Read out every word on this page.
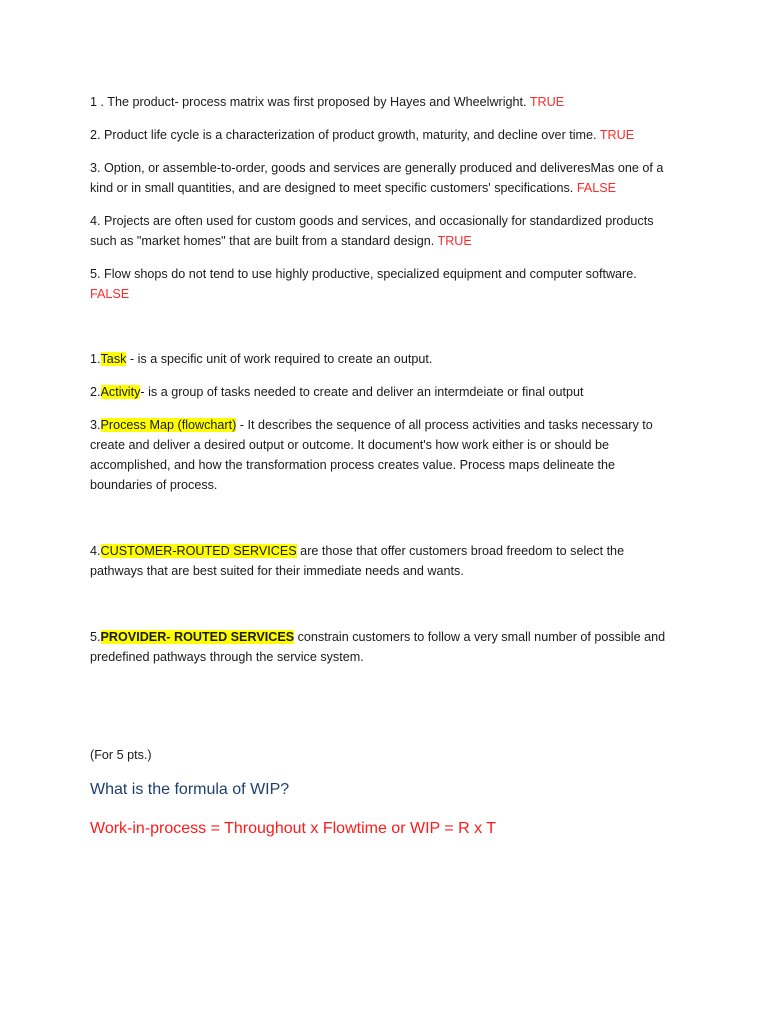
1 . The product- process matrix was first proposed by Hayes and Wheelwright. TRUE

2. Product life cycle is a characterization of product growth, maturity, and decline over time. TRUE

3. Option, or assemble-to-order, goods and services are generally produced and deliveresMas one of a kind or in small quantities, and are designed to meet specific customers' specifications. FALSE

4. Projects are often used for custom goods and services, and occasionally for standardized products such as "market homes" that are built from a standard design. TRUE

5. Flow shops do not tend to use highly productive, specialized equipment and computer software.
FALSE

1.Task - is a specific unit of work required to create an output.

2.Activity- is a group of tasks needed to create and deliver an intermdeiate or final output

3.Process Map (flowchart) - It describes the sequence of all process activities and tasks necessary to create and deliver a desired output or outcome. It document's how work either is or should be accomplished, and how the transformation process creates value. Process maps delineate the boundaries of process.

4.CUSTOMER-ROUTED SERVICES are those that offer customers broad freedom to select the pathways that are best suited for their immediate needs and wants.

5.PROVIDER- ROUTED SERVICES constrain customers to follow a very small number of possible and predefined pathways through the service system.

(For 5 pts.)

What is the formula of WIP?
Work-in-process = Throughout x Flowtime or WIP = R x T
